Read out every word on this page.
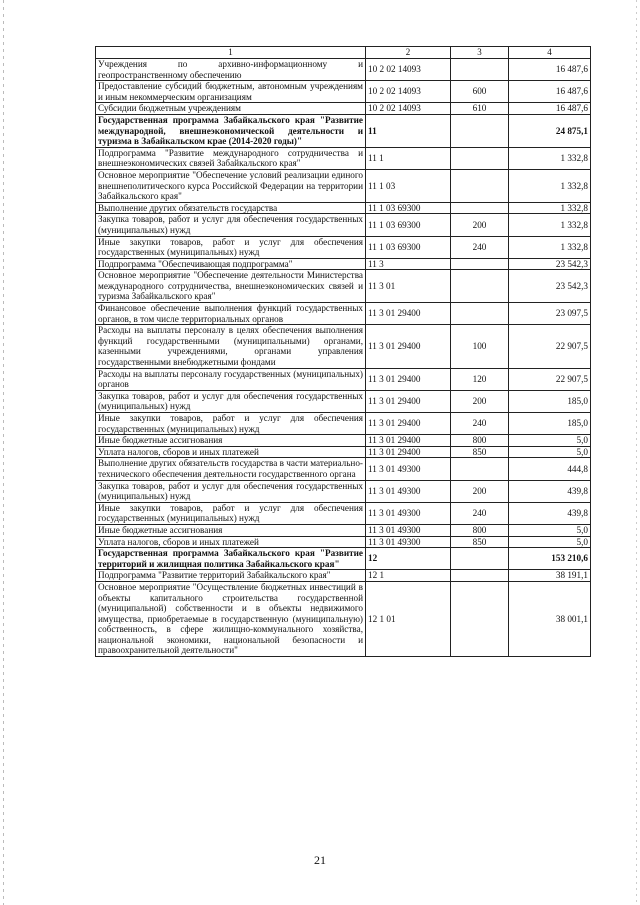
1	2	3	4
Учреждения по архивно-информационному и геопространственному обеспечению	10 2 02 14093		16 487,6
Предоставление субсидий бюджетным, автономным учреждениям и иным некоммерческим организациям	10 2 02 14093	600	16 487,6
Субсидии бюджетным учреждениям	10 2 02 14093	610	16 487,6
Государственная программа Забайкальского края "Развитие международной, внешнеэкономической деятельности и туризма в Забайкальском крае (2014-2020 годы)"	11		24 875,1
Подпрограмма "Развитие международного сотрудничества и внешнеэкономических связей Забайкальского края"	11 1		1 332,8
Основное мероприятие "Обеспечение условий реализации единого внешнеполитического курса Российской Федерации на территории Забайкальского края"	11 1 03		1 332,8
Выполнение других обязательств государства	11 1 03 69300		1 332,8
Закупка товаров, работ и услуг для обеспечения государственных (муниципальных) нужд	11 1 03 69300	200	1 332,8
Иные закупки товаров, работ и услуг для обеспечения государственных (муниципальных) нужд	11 1 03 69300	240	1 332,8
Подпрограмма "Обеспечивающая подпрограмма"	11 3		23 542,3
Основное мероприятие "Обеспечение деятельности Министерства международного сотрудничества, внешнеэкономических связей и туризма Забайкальского края"	11 3 01		23 542,3
Финансовое обеспечение выполнения функций государственных органов, в том числе территориальных органов	11 3 01 29400		23 097,5
Расходы на выплаты персоналу в целях обеспечения выполнения функций государственными (муниципальными) органами, казенными учреждениями, органами управления государственными внебюджетными фондами	11 3 01 29400	100	22 907,5
Расходы на выплаты персоналу государственных (муниципальных) органов	11 3 01 29400	120	22 907,5
Закупка товаров, работ и услуг для обеспечения государственных (муниципальных) нужд	11 3 01 29400	200	185,0
Иные закупки товаров, работ и услуг для обеспечения государственных (муниципальных) нужд	11 3 01 29400	240	185,0
Иные бюджетные ассигнования	11 3 01 29400	800	5,0
Уплата налогов, сборов и иных платежей	11 3 01 29400	850	5,0
Выполнение других обязательств государства в части материально-технического обеспечения деятельности государственного органа	11 3 01 49300		444,8
Закупка товаров, работ и услуг для обеспечения государственных (муниципальных) нужд	11 3 01 49300	200	439,8
Иные закупки товаров, работ и услуг для обеспечения государственных (муниципальных) нужд	11 3 01 49300	240	439,8
Иные бюджетные ассигнования	11 3 01 49300	800	5,0
Уплата налогов, сборов и иных платежей	11 3 01 49300	850	5,0
Государственная программа Забайкальского края "Развитие территорий и жилищная политика Забайкальского края"	12		153 210,6
Подпрограмма "Развитие территорий Забайкальского края"	12 1		38 191,1
Основное мероприятие "Осуществление бюджетных инвестиций в объекты капитального строительства государственной (муниципальной) собственности и в объекты недвижимого имущества, приобретаемые в государственную (муниципальную) собственность, в сфере жилищно-коммунального хозяйства, национальной экономики, национальной безопасности и правоохранительной деятельности"	12 1 01		38 001,1
21
